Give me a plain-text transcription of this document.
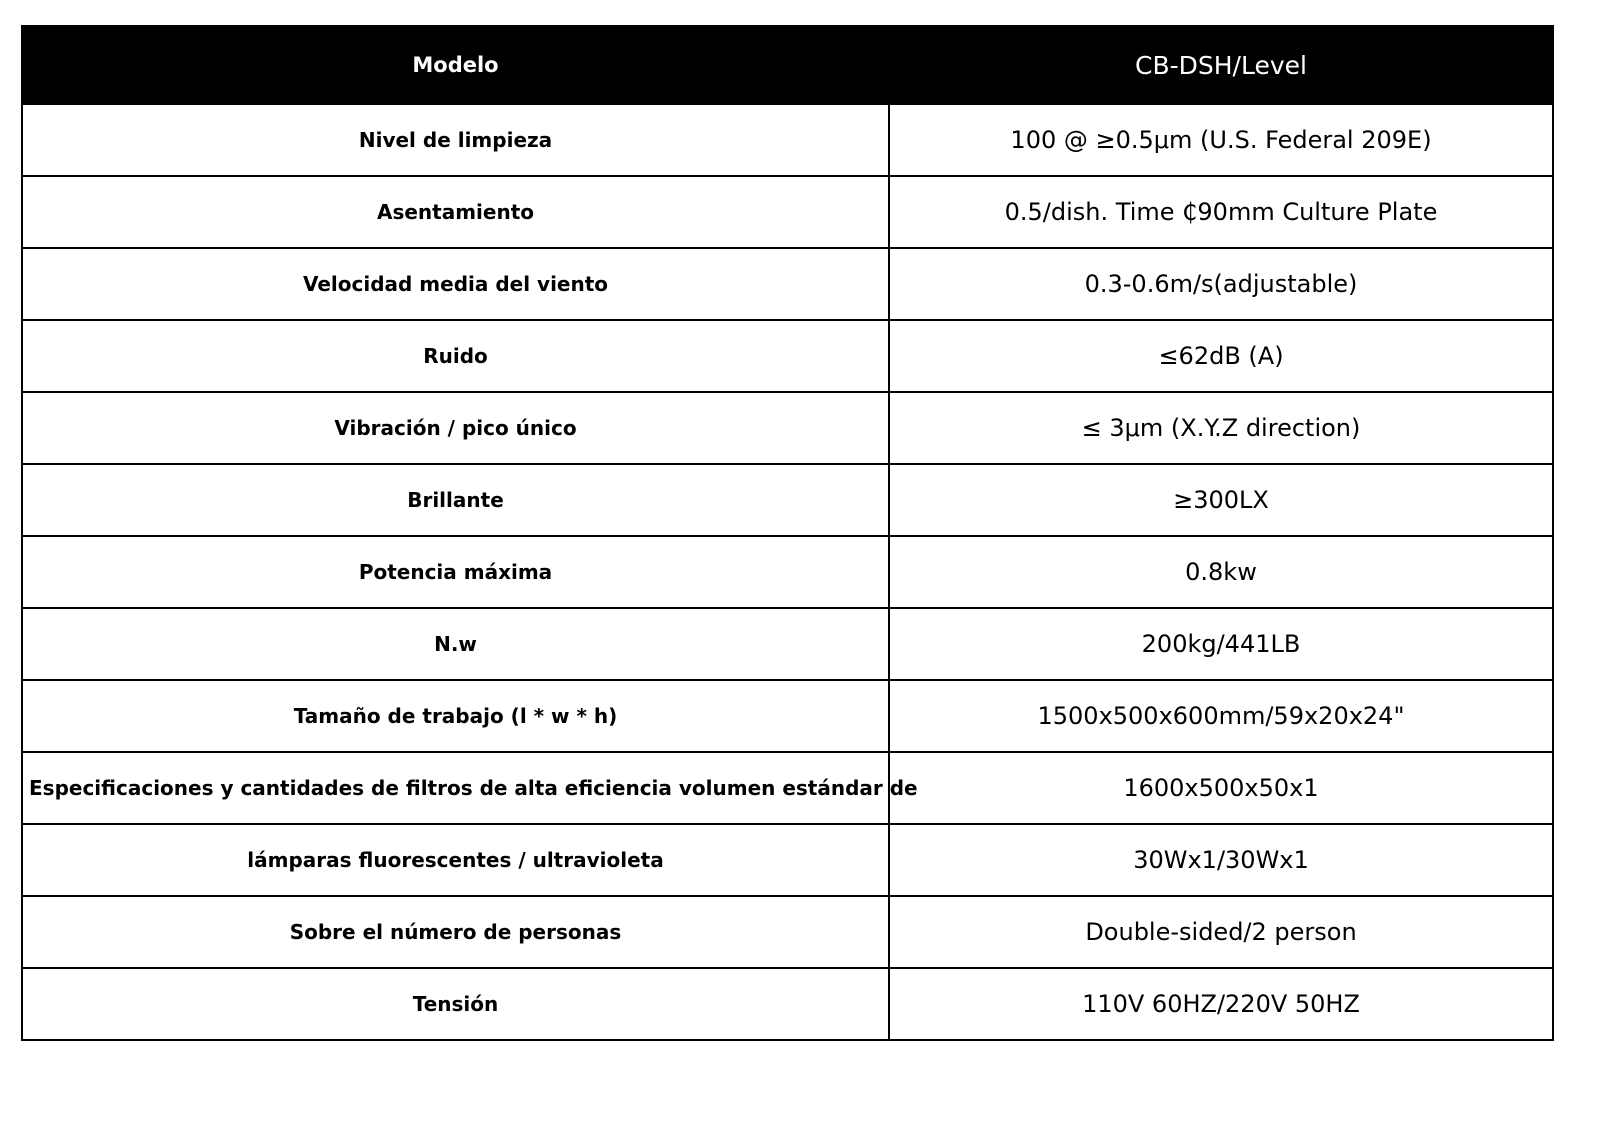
Modelo	CB-DSH/Level
Nivel de limpieza	100 @ ≥0.5μm (U.S. Federal 209E)
Asentamiento	0.5/dish. Time ₵90mm Culture Plate
Velocidad media del viento	0.3-0.6m/s(adjustable)
Ruido	≤62dB (A)
Vibración / pico único	≤ 3μm (X.Y.Z direction)
Brillante	≥300LX
Potencia máxima	0.8kw
N.w	200kg/441LB
Tamaño de trabajo (l * w * h)	1500x500x600mm/59x20x24"
Especificaciones y cantidades de filtros de alta eficiencia volumen estándar de	1600x500x50x1
lámparas fluorescentes / ultravioleta	30Wx1/30Wx1
Sobre el número de personas	Double-sided/2 person
Tensión	110V 60HZ/220V 50HZ
